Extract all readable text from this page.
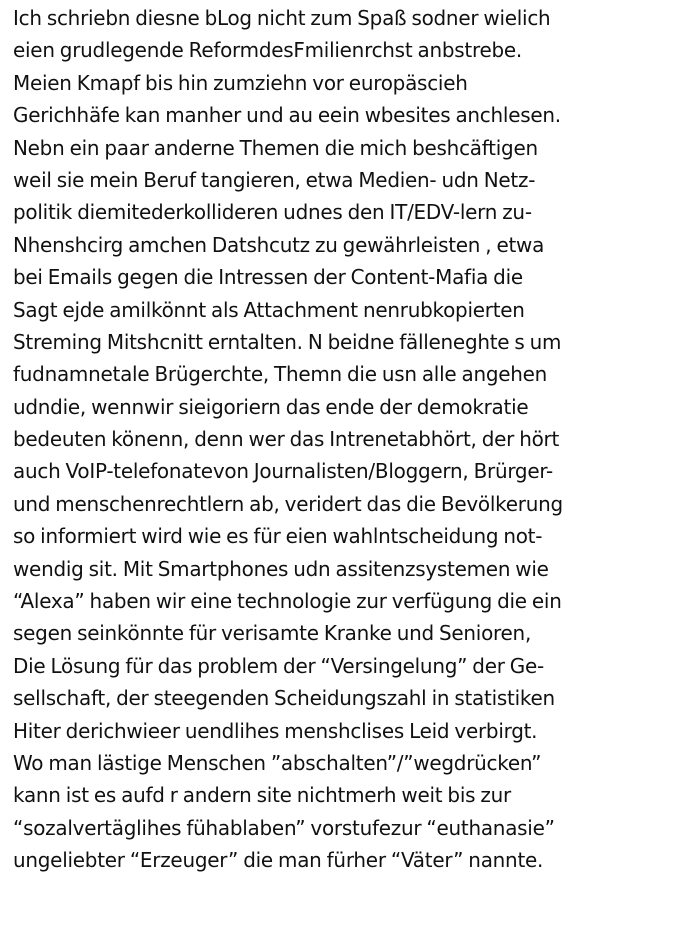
Ich schriebn diesne bLog nicht zum Spaß sodner wielich
eien grudlegende ReformdesFmilienrchst anbstrebe.
Meien Kmapf bis hin zumziehn vor europäscieh
Gerichhäfe kan manher und au eein wbesites anchlesen.
Nebn ein paar anderne Themen die mich beshcäftigen
weil sie mein Beruf tangieren, etwa Medien- udn Netz-
politik diemitederkollideren udnes den IT/EDV-lern zu-
Nhenshcirg amchen Datshcutz zu gewährleisten , etwa
bei Emails gegen die Intressen der Content-Mafia die
Sagt ejde amilkönnt als Attachment nenrubkopierten
Streming Mitshcnitt erntalten. N beidne fälleneghte s um
fudnamnetale Brügerchte, Themn die usn alle angehen
udndie, wennwir sieigoriern das ende der demokratie
bedeuten könenn, denn wer das Intrenetabhört, der hört
auch VoIP-telefonatevon Journalisten/Bloggern, Brürger-
und menschenrechtlern ab, veridert das die Bevölkerung
so informiert wird wie es für eien wahlntscheidung not-
wendig sit. Mit Smartphones udn assitenzsystemen wie
“Alexa” haben wir eine technologie zur verfügung die ein
segen seinkönnte für verisamte Kranke und Senioren,
Die Lösung für das problem der “Versingelung” der Ge-
sellschaft, der steegenden Scheidungszahl in statistiken
Hiter derichwieer uendlihes menshclises Leid verbirgt.
Wo man lästige Menschen ”abschalten”/”wegdrücken”
kann ist es aufd r andern site nichtmerh weit bis zur
“sozalvertäglihes fühablaben” vorstufezur “euthanasie”
ungeliebter “Erzeuger” die man fürher “Väter” nannte.
